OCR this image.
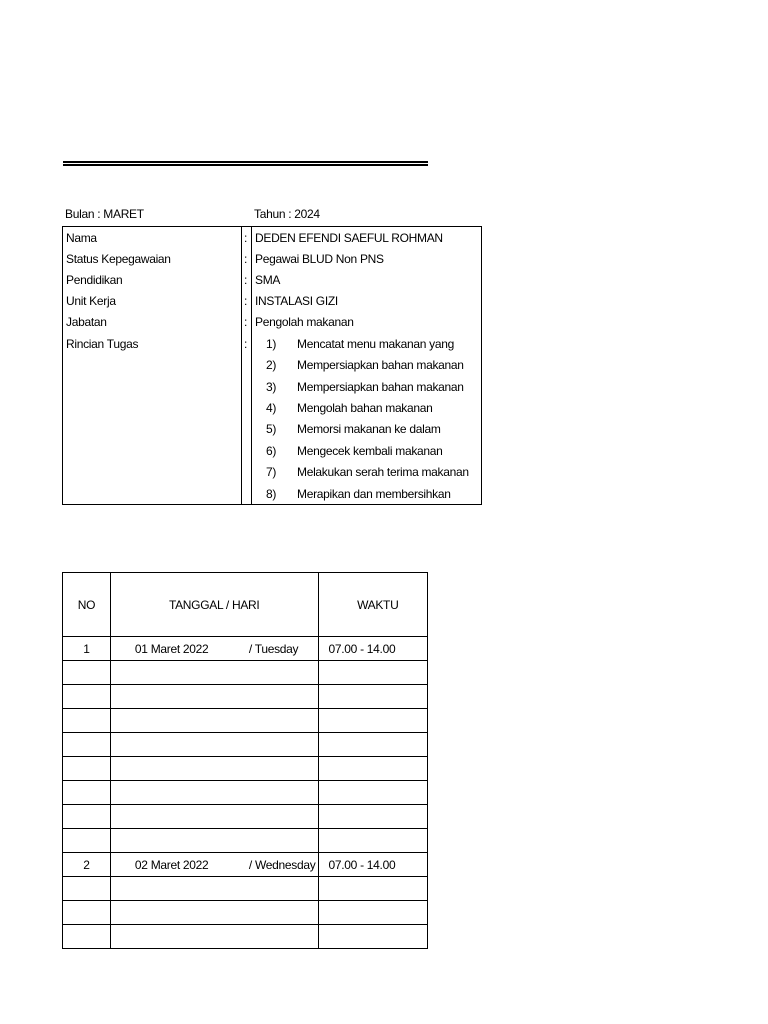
Bulan : MARET	Tahun : 2024
Nama	: DEDEN EFENDI SAEFUL ROHMAN
Status Kepegawaian	: Pegawai BLUD Non PNS
Pendidikan	: SMA
Unit Kerja	: INSTALASI GIZI
Jabatan	: Pengolah makanan
Rincian Tugas	: 1) Mencatat menu makanan yang
2) Mempersiapkan bahan makanan
3) Mempersiapkan bahan makanan
4) Mengolah bahan makanan
5) Memorsi makanan ke dalam
6) Mengecek kembali makanan
7) Melakukan serah terima makanan
8) Merapikan dan membersihkan
NO	TANGGAL / HARI	WAKTU
1	01 Maret 2022 / Tuesday	07.00 - 14.00

2	02 Maret 2022 / Wednesday	07.00 - 14.00
